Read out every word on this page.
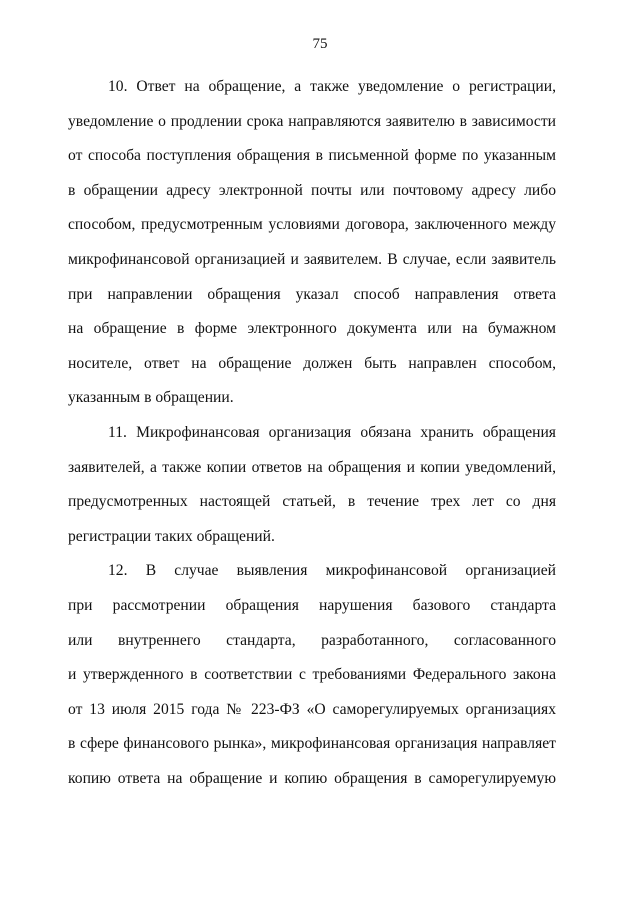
75
10. Ответ на обращение, а также уведомление о регистрации,
уведомление о продлении срока направляются заявителю в зависимости
от способа поступления обращения в письменной форме по указанным
в обращении адресу электронной почты или почтовому адресу либо
способом, предусмотренным условиями договора, заключенного между
микрофинансовой организацией и заявителем. В случае, если заявитель
при направлении обращения указал способ направления ответа
на обращение в форме электронного документа или на бумажном
носителе, ответ на обращение должен быть направлен способом,
указанным в обращении.
11. Микрофинансовая организация обязана хранить обращения
заявителей, а также копии ответов на обращения и копии уведомлений,
предусмотренных настоящей статьей, в течение трех лет со дня
регистрации таких обращений.
12. В случае выявления микрофинансовой организацией
при рассмотрении обращения нарушения базового стандарта
или внутреннего стандарта, разработанного, согласованного
и утвержденного в соответствии с требованиями Федерального закона
от 13 июля 2015 года № 223-ФЗ «О саморегулируемых организациях
в сфере финансового рынка», микрофинансовая организация направляет
копию ответа на обращение и копию обращения в саморегулируемую
